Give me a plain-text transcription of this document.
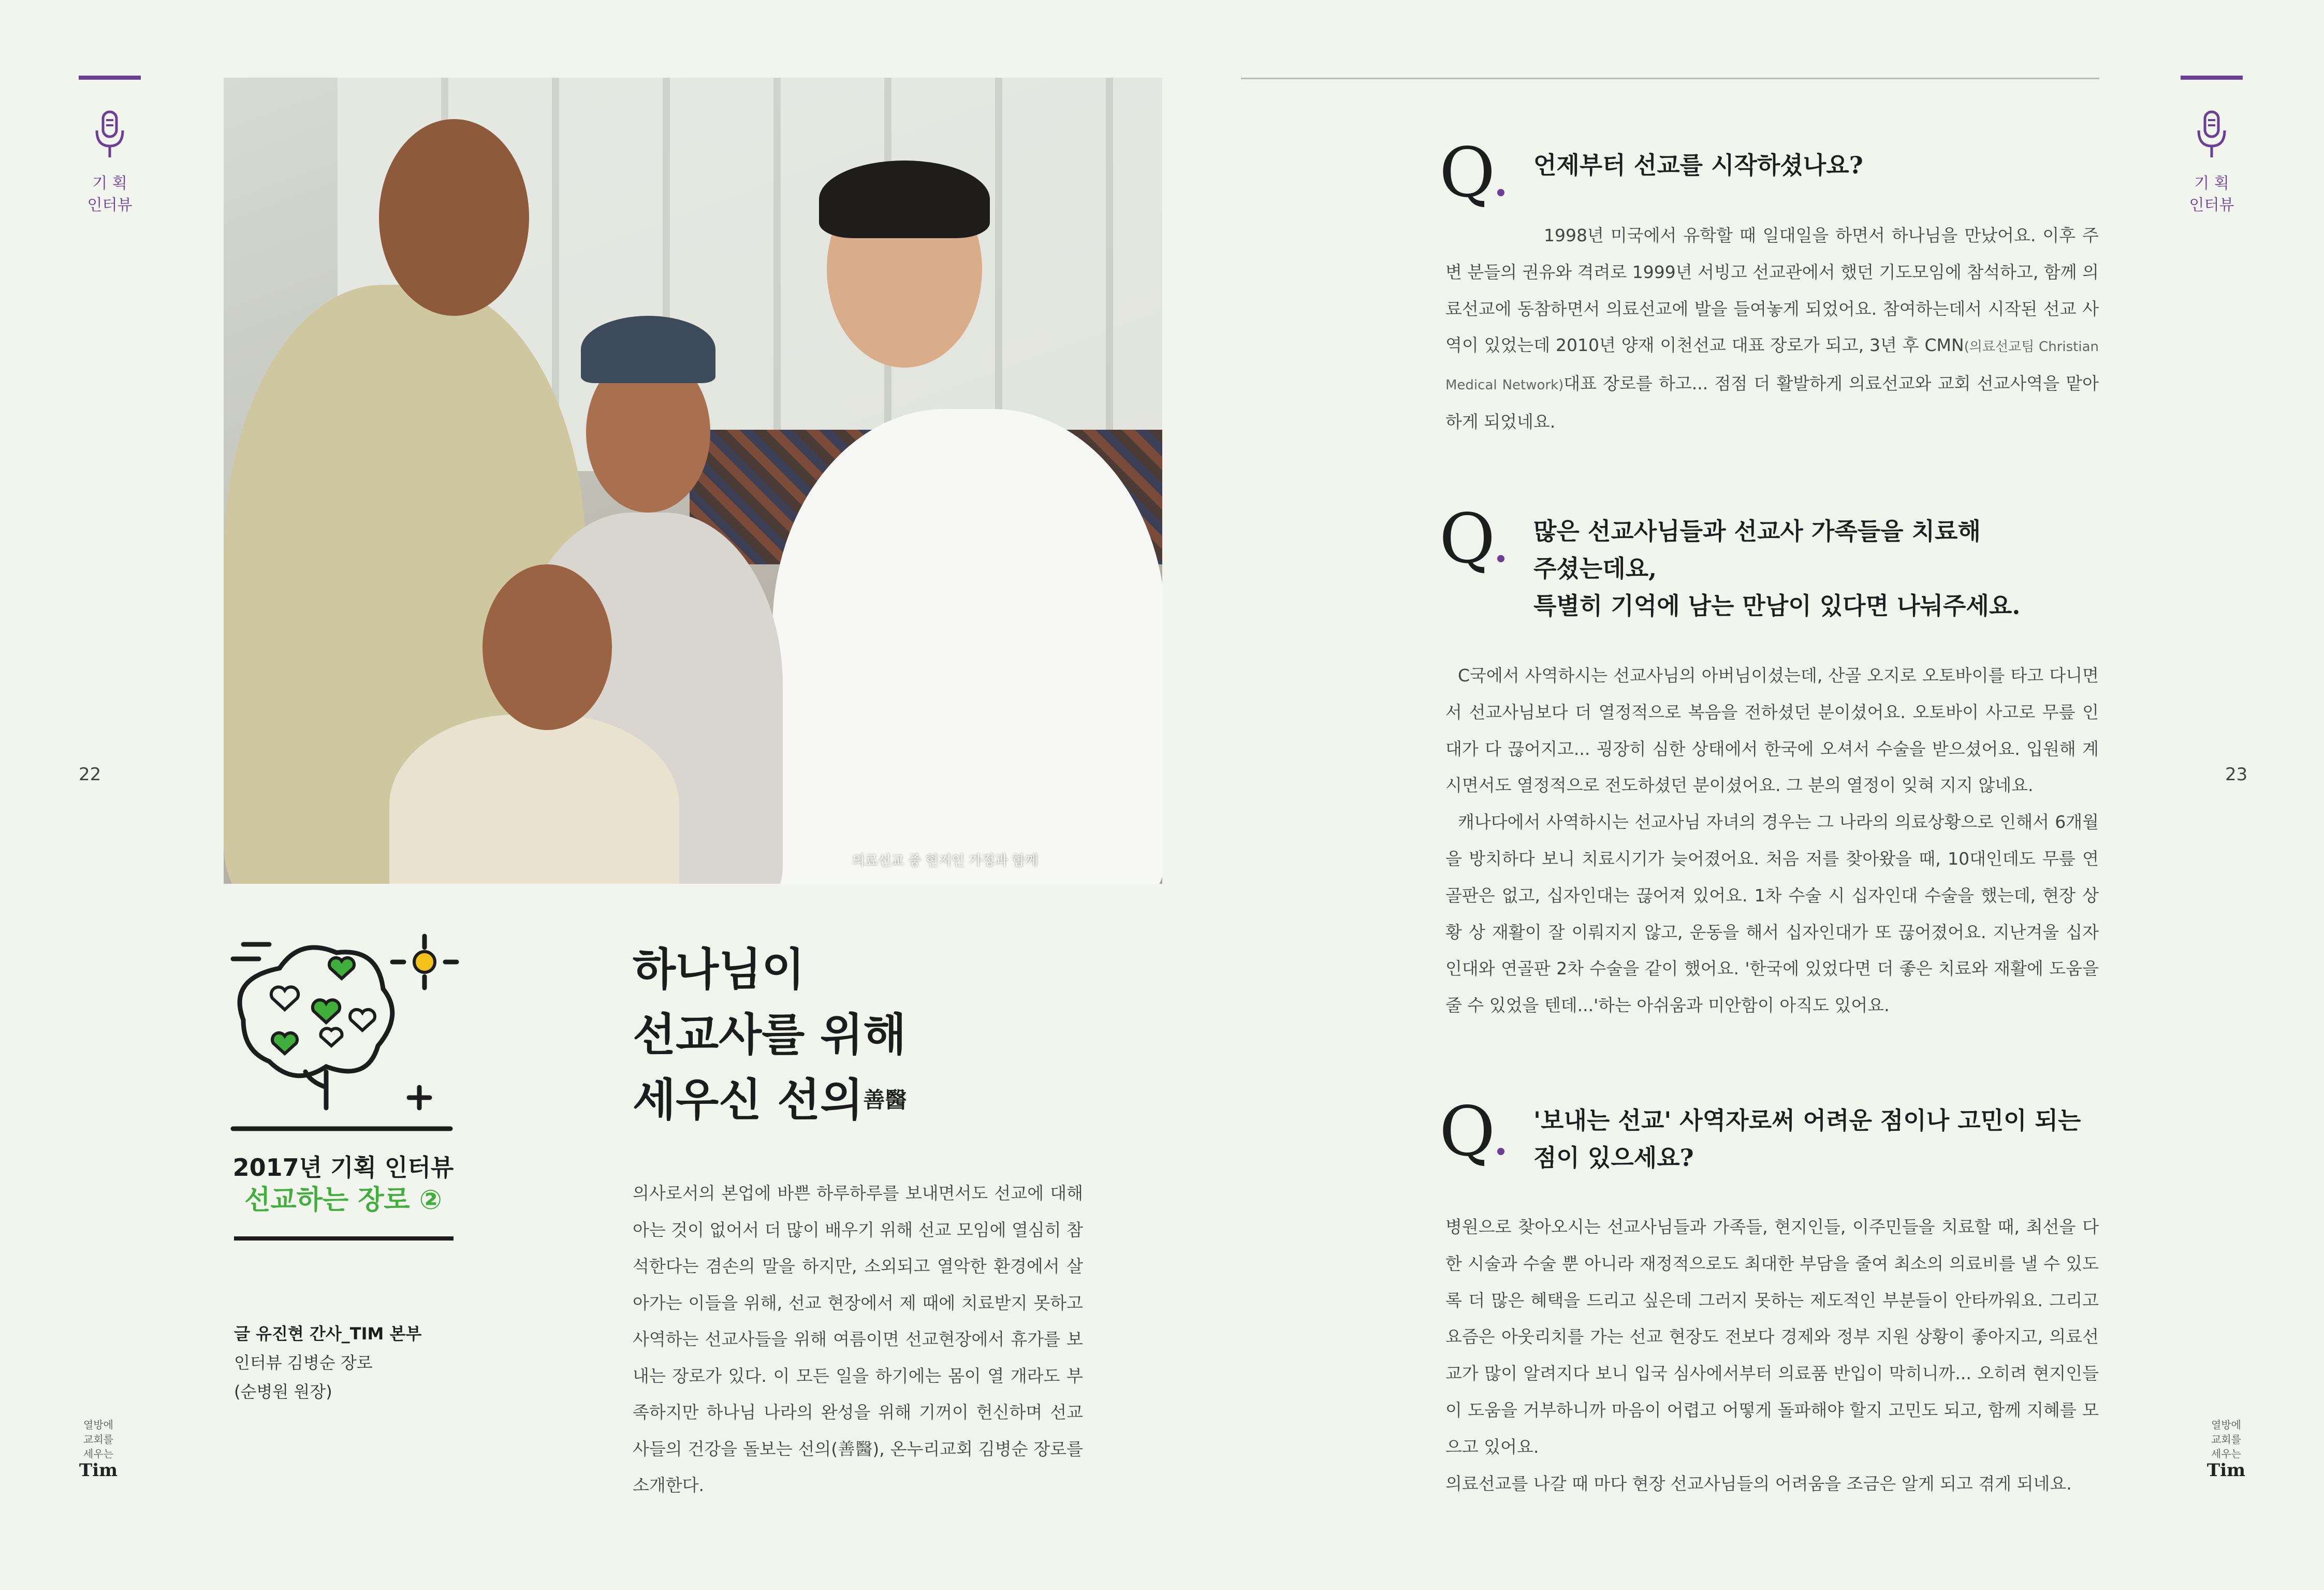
기 획
인터뷰
기 획
인터뷰
22	23
열방에
교회를
세우는
Tim
열방에
교회를
세우는
Tim
의료선교 중 현지인 가정과 함께
2017년 기획 인터뷰
선교하는 장로 ②
글 유진현 간사_TIM 본부
인터뷰 김병순 장로
(순병원 원장)
하나님이
선교사를 위해
세우신 선의$^{善醫}$
의사로서의 본업에 바쁜 하루하루를 보내면서도 선교에 대해 아는 것이 없어서 더 많이 배우기 위해 선교 모임에 열심히 참석한다는 겸손의 말을 하지만, 소외되고 열악한 환경에서 살아가는 이들을 위해, 선교 현장에서 제 때에 치료받지 못하고 사역하는 선교사들을 위해 여름이면 선교현장에서 휴가를 보내는 장로가 있다. 이 모든 일을 하기에는 몸이 열 개라도 부족하지만 하나님 나라의 완성을 위해 기꺼이 헌신하며 선교사들의 건강을 돌보는 선의(善醫), 온누리교회 김병순 장로를 소개한다.
Q	언제부터 선교를 시작하셨나요?

1998년 미국에서 유학할 때 일대일을 하면서 하나님을 만났어요. 이후 주변 분들의 권유와 격려로 1999년 서빙고 선교관에서 했던 기도모임에 참석하고, 함께 의료선교에 동참하면서 의료선교에 발을 들여놓게 되었어요. 참여하는데서 시작된 선교 사역이 있었는데 2010년 양재 이천선교 대표 장로가 되고, 3년 후 CMN(의료선교팀 Christian Medical Network)대표 장로를 하고... 점점 더 활발하게 의료선교와 교회 선교사역을 맡아하게 되었네요.

Q	많은 선교사님들과 선교사 가족들을 치료해
주셨는데요,
특별히 기억에 남는 만남이 있다면 나눠주세요.

C국에서 사역하시는 선교사님의 아버님이셨는데, 산골 오지로 오토바이를 타고 다니면서 선교사님보다 더 열정적으로 복음을 전하셨던 분이셨어요. 오토바이 사고로 무릎 인대가 다 끊어지고... 굉장히 심한 상태에서 한국에 오셔서 수술을 받으셨어요. 입원해 계시면서도 열정적으로 전도하셨던 분이셨어요. 그 분의 열정이 잊혀 지지 않네요.

캐나다에서 사역하시는 선교사님 자녀의 경우는 그 나라의 의료상황으로 인해서 6개월을 방치하다 보니 치료시기가 늦어졌어요. 처음 저를 찾아왔을 때, 10대인데도 무릎 연골판은 없고, 십자인대는 끊어져 있어요. 1차 수술 시 십자인대 수술을 했는데, 현장 상황 상 재활이 잘 이뤄지지 않고, 운동을 해서 십자인대가 또 끊어졌어요. 지난겨울 십자인대와 연골판 2차 수술을 같이 했어요. '한국에 있었다면 더 좋은 치료와 재활에 도움을 줄 수 있었을 텐데...'하는 아쉬움과 미안함이 아직도 있어요.

Q	'보내는 선교' 사역자로써 어려운 점이나 고민이 되는
점이 있으세요?

병원으로 찾아오시는 선교사님들과 가족들, 현지인들, 이주민들을 치료할 때, 최선을 다한 시술과 수술 뿐 아니라 재정적으로도 최대한 부담을 줄여 최소의 의료비를 낼 수 있도록 더 많은 혜택을 드리고 싶은데 그러지 못하는 제도적인 부분들이 안타까워요. 그리고 요즘은 아웃리치를 가는 선교 현장도 전보다 경제와 정부 지원 상황이 좋아지고, 의료선교가 많이 알려지다 보니 입국 심사에서부터 의료품 반입이 막히니까... 오히려 현지인들이 도움을 거부하니까 마음이 어렵고 어떻게 돌파해야 할지 고민도 되고, 함께 지혜를 모으고 있어요.

의료선교를 나갈 때 마다 현장 선교사님들의 어려움을 조금은 알게 되고 겪게 되네요.
